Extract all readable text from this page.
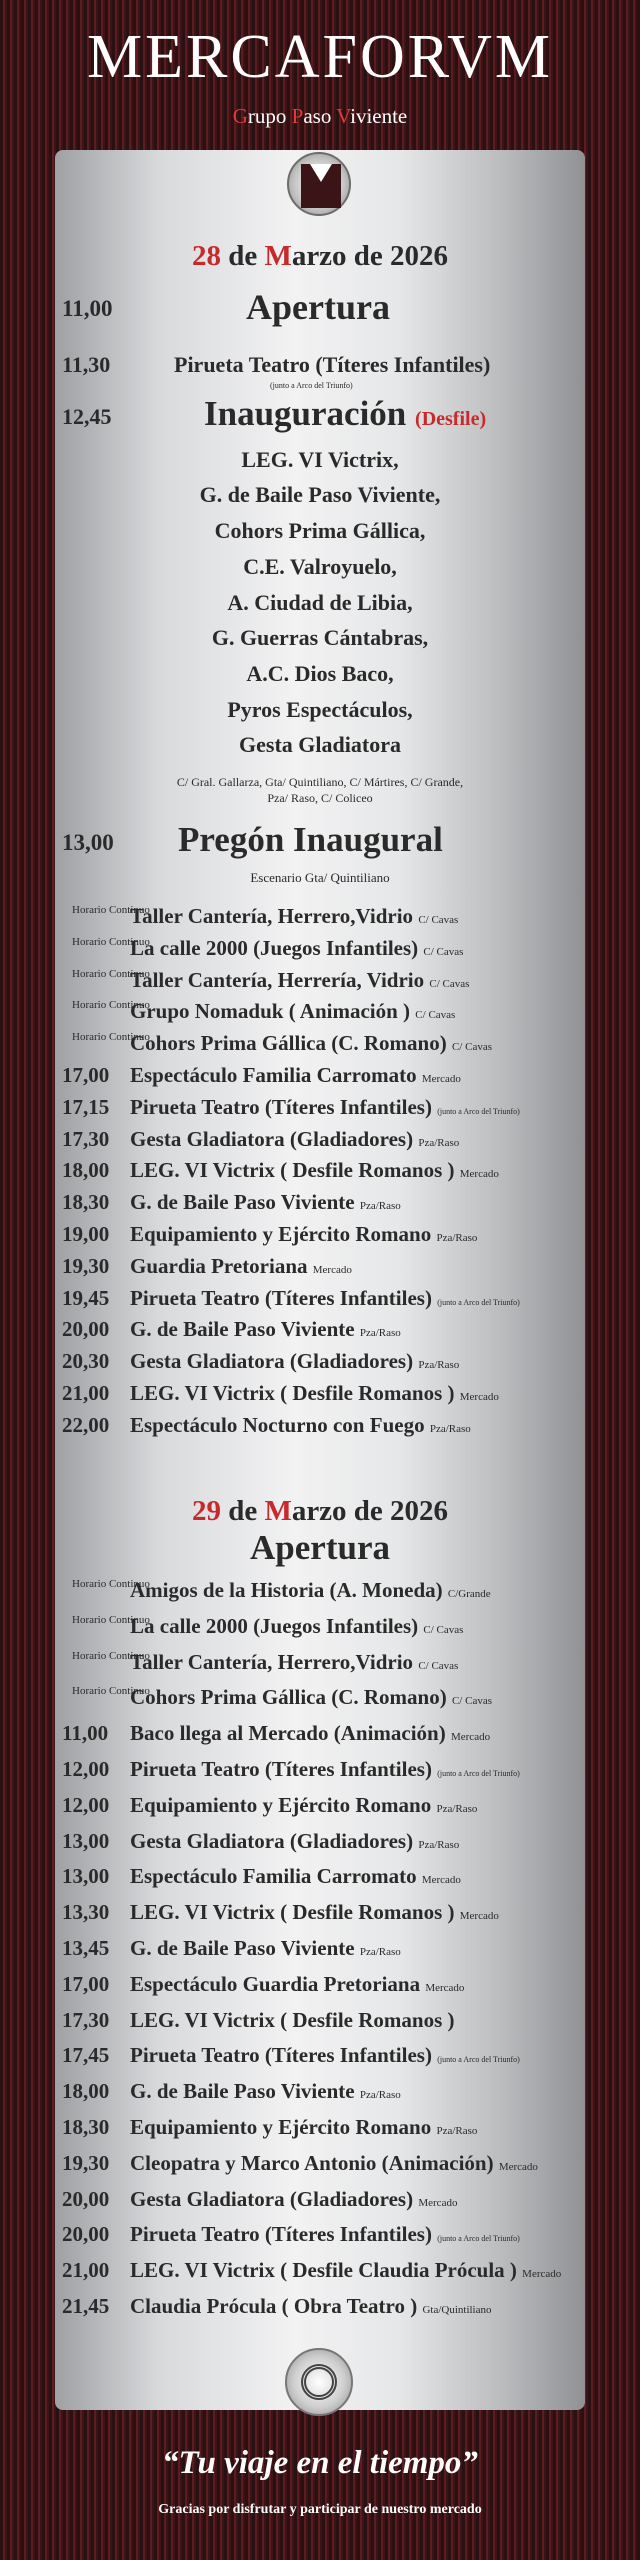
MERCAFORVM
Grupo Paso Viviente
28 de Marzo de 2026
11,00	Apertura
11,30	Pirueta Teatro (Títeres Infantiles)
(junto a Arco del Triunfo)
12,45	Inauguración (Desfile)
LEG. VI Victrix,
G. de Baile Paso Viviente,
Cohors Prima Gállica,
C.E. Valroyuelo,
A. Ciudad de Libia,
G. Guerras Cántabras,
A.C. Dios Baco,
Pyros Espectáculos,
Gesta Gladiatora
C/ Gral. Gallarza, Gta/ Quintiliano, C/ Mártires, C/ Grande,
Pza/ Raso, C/ Coliceo
13,00 Pregón Inaugural
Escenario Gta/ Quintiliano
Horario Continuo
Taller Cantería, Herrero,Vidrio C/ Cavas
Horario Continuo
La calle 2000 (Juegos Infantiles) C/ Cavas
Horario Continuo
Taller Cantería, Herrería, Vidrio C/ Cavas
Horario Continuo
Grupo Nomaduk ( Animación ) C/ Cavas
Horario Continuo
Cohors Prima Gállica (C. Romano) C/ Cavas
17,00 Espectáculo Familia Carromato Mercado
17,15 Pirueta Teatro (Títeres Infantiles) (junto a Arco del Triunfo)
17,30 Gesta Gladiatora (Gladiadores) Pza/Raso
18,00 LEG. VI Victrix ( Desfile Romanos ) Mercado
18,30 G. de Baile Paso Viviente Pza/Raso
19,00 Equipamiento y Ejército Romano Pza/Raso
19,30 Guardia Pretoriana Mercado
19,45 Pirueta Teatro (Títeres Infantiles) (junto a Arco del Triunfo)
20,00 G. de Baile Paso Viviente Pza/Raso
20,30 Gesta Gladiatora (Gladiadores) Pza/Raso
21,00 LEG. VI Victrix ( Desfile Romanos ) Mercado
22,00 Espectáculo Nocturno con Fuego Pza/Raso
29 de Marzo de 2026
Apertura
Horario Continuo
Amigos de la Historia (A. Moneda) C/Grande
Horario Continuo
La calle 2000 (Juegos Infantiles) C/ Cavas
Horario Continuo
Taller Cantería, Herrero,Vidrio C/ Cavas
Horario Continuo
Cohors Prima Gállica (C. Romano) C/ Cavas
11,00	Baco llega al Mercado (Animación) Mercado
12,00 Pirueta Teatro (Títeres Infantiles) (junto a Arco del Triunfo)
12,00 Equipamiento y Ejército Romano Pza/Raso
13,00 Gesta Gladiatora (Gladiadores) Pza/Raso
13,00 Espectáculo Familia Carromato Mercado
13,30 LEG. VI Victrix ( Desfile Romanos ) Mercado
13,45 G. de Baile Paso Viviente Pza/Raso
17,00 Espectáculo Guardia Pretoriana Mercado
17,30 LEG. VI Victrix ( Desfile Romanos )
17,45 Pirueta Teatro (Títeres Infantiles) (junto a Arco del Triunfo)
18,00 G. de Baile Paso Viviente Pza/Raso
18,30 Equipamiento y Ejército Romano Pza/Raso
19,30 Cleopatra y Marco Antonio (Animación) Mercado
20,00 Gesta Gladiatora (Gladiadores) Mercado
20,00 Pirueta Teatro (Títeres Infantiles) (junto a Arco del Triunfo)
21,00 LEG. VI Victrix ( Desfile Claudia Prócula ) Mercado
21,45 Claudia Prócula ( Obra Teatro ) Gta/Quintiliano
“Tu viaje en el tiempo”
Gracias por disfrutar y participar de nuestro mercado
